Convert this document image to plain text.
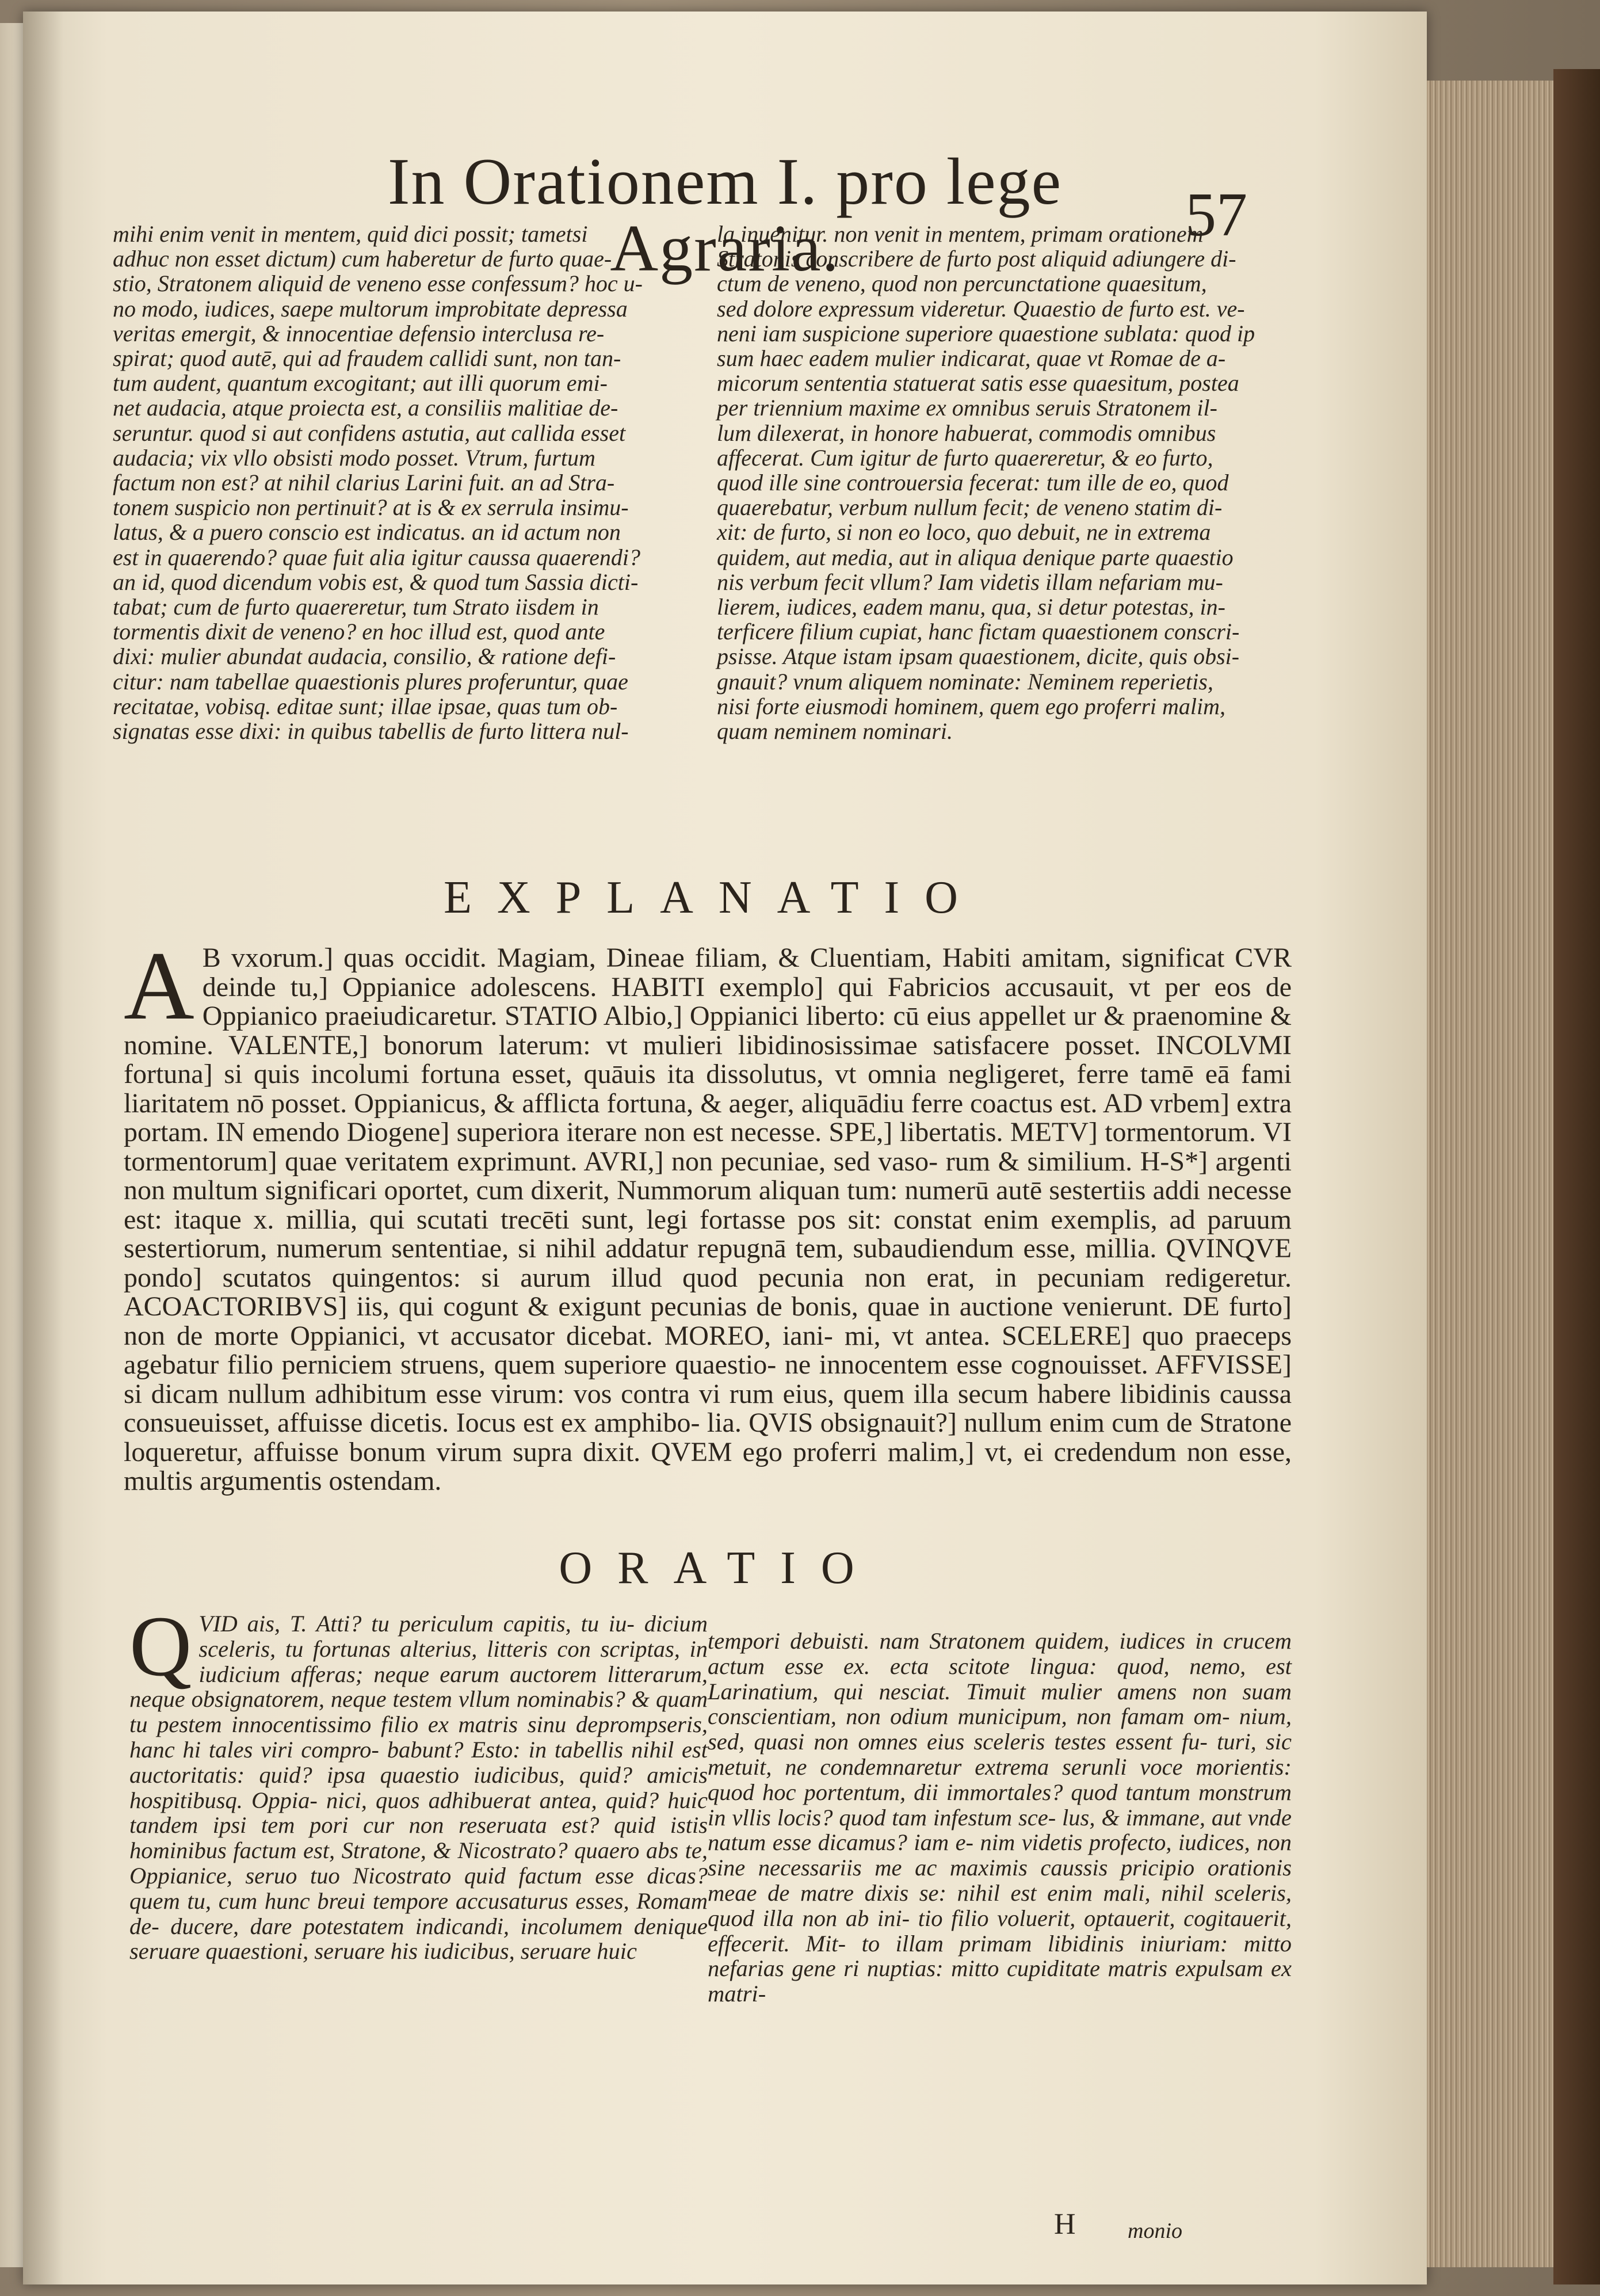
In Orationem I. pro lege Agraria.	57

mihi enim venit in mentem, quid dici possit; tametsi

adhuc non esset dictum) cum haberetur de furto quae-

stio, Stratonem aliquid de veneno esse confessum? hoc u-

no modo, iudices, saepe multorum improbitate depressa

veritas emergit, & innocentiae defensio interclusa re-

spirat; quod autē, qui ad fraudem callidi sunt, non tan-

tum audent, quantum excogitant; aut illi quorum emi-

net audacia, atque proiecta est, a consiliis malitiae de-

seruntur. quod si aut confidens astutia, aut callida esset

audacia; vix vllo obsisti modo posset. Vtrum, furtum

factum non est? at nihil clarius Larini fuit. an ad Stra-

tonem suspicio non pertinuit? at is & ex serrula insimu-

latus, & a puero conscio est indicatus. an id actum non

est in quaerendo? quae fuit alia igitur caussa quaerendi?

an id, quod dicendum vobis est, & quod tum Sassia dicti-

tabat; cum de furto quaereretur, tum Strato iisdem in

tormentis dixit de veneno? en hoc illud est, quod ante

dixi: mulier abundat audacia, consilio, & ratione defi-

citur: nam tabellae quaestionis plures proferuntur, quae

recitatae, vobisq. editae sunt; illae ipsae, quas tum ob-

signatas esse dixi: in quibus tabellis de furto littera nul-

la inuenitur. non venit in mentem, primam orationem

Stratonis conscribere de furto post aliquid adiungere di-

ctum de veneno, quod non percunctatione quaesitum,

sed dolore expressum videretur. Quaestio de furto est. ve-

neni iam suspicione superiore quaestione sublata: quod ip

sum haec eadem mulier indicarat, quae vt Romae de a-

micorum sententia statuerat satis esse quaesitum, postea

per triennium maxime ex omnibus seruis Stratonem il-

lum dilexerat, in honore habuerat, commodis omnibus

affecerat. Cum igitur de furto quaereretur, & eo furto,

quod ille sine controuersia fecerat: tum ille de eo, quod

quaerebatur, verbum nullum fecit; de veneno statim di-

xit: de furto, si non eo loco, quo debuit, ne in extrema

quidem, aut media, aut in aliqua denique parte quaestio

nis verbum fecit vllum? Iam videtis illam nefariam mu-

lierem, iudices, eadem manu, qua, si detur potestas, in-

terficere filium cupiat, hanc fictam quaestionem conscri-

psisse. Atque istam ipsam quaestionem, dicite, quis obsi-

gnauit? vnum aliquem nominate: Neminem reperietis,

nisi forte eiusmodi hominem, quem ego proferri malim,

quam neminem nominari.

EXPLANATIO
A B vxorum.] quas occidit. Magiam, Dineae filiam, & Cluentiam, Habiti amitam, significat CVR deinde tu,] Oppianice adolescens. HABITI exemplo] qui Fabricios accusauit, vt per eos de Oppianico praeiudicaretur. STATIO Albio,] Oppianici liberto: cū eius appellet ur & praenomine & nomine. VALENTE,] bonorum laterum: vt mulieri libidinosissimae satisfacere posset. INCOLVMI fortuna] si quis incolumi fortuna esset, quāuis ita dissolutus, vt omnia negligeret, ferre tamē eā fami liaritatem nō posset. Oppianicus, & afflicta fortuna, & aeger, aliquādiu ferre coactus est. AD vrbem] extra portam. IN emendo Diogene] superiora iterare non est necesse. SPE,] libertatis. METV] tormentorum. VI tormentorum] quae veritatem exprimunt. AVRI,] non pecuniae, sed vaso- rum & similium. H-S*] argenti non multum significari oportet, cum dixerit, Nummorum aliquan tum: numerū autē sestertiis addi necesse est: itaque x. millia, qui scutati trecēti sunt, legi fortasse pos sit: constat enim exemplis, ad paruum sestertiorum, numerum sententiae, si nihil addatur repugnā tem, subaudiendum esse, millia. QVINQVE pondo] scutatos quingentos: si aurum illud quod pecunia non erat, in pecuniam redigeretur. ACOACTORIBVS] iis, qui cogunt & exigunt pecunias de bonis, quae in auctione venierunt. DE furto] non de morte Oppianici, vt accusator dicebat. MOREO, iani- mi, vt antea. SCELERE] quo praeceps agebatur filio perniciem struens, quem superiore quaestio- ne innocentem esse cognouisset. AFFVISSE] si dicam nullum adhibitum esse virum: vos contra vi rum eius, quem illa secum habere libidinis caussa consueuisset, affuisse dicetis. Iocus est ex amphibo- lia. QVIS obsignauit?] nullum enim cum de Stratone loqueretur, affuisse bonum virum supra dixit. QVEM ego proferri malim,] vt, ei credendum non esse, multis argumentis ostendam.
ORATIO
Q VID ais, T. Atti? tu periculum capitis, tu iu- dicium sceleris, tu fortunas alterius, litteris con scriptas, in iudicium afferas; neque earum auctorem litterarum, neque obsignatorem, neque testem vllum nominabis? & quam tu pestem innocentissimo filio ex matris sinu deprompseris, hanc hi tales viri compro- babunt? Esto: in tabellis nihil est auctoritatis: quid? ipsa quaestio iudicibus, quid? amicis hospitibusq. Oppia- nici, quos adhibuerat antea, quid? huic tandem ipsi tem pori cur non reseruata est? quid istis hominibus factum est, Stratone, & Nicostrato? quaero abs te, Oppianice, seruo tuo Nicostrato quid factum esse dicas? quem tu, cum hunc breui tempore accusaturus esses, Romam de- ducere, dare potestatem indicandi, incolumem denique seruare quaestioni, seruare his iudicibus, seruare huic
tempori debuisti. nam Stratonem quidem, iudices in crucem actum esse ex. ecta scitote lingua: quod, nemo, est Larinatium, qui nesciat. Timuit mulier amens non suam conscientiam, non odium municipum, non famam om- nium, sed, quasi non omnes eius sceleris testes essent fu- turi, sic metuit, ne condemnaretur extrema serunli voce morientis: quod hoc portentum, dii immortales? quod tantum monstrum in vllis locis? quod tam infestum sce- lus, & immane, aut vnde natum esse dicamus? iam e- nim videtis profecto, iudices, non sine necessariis me ac maximis caussis pricipio orationis meae de matre dixis se: nihil est enim mali, nihil sceleris, quod illa non ab ini- tio filio voluerit, optauerit, cogitauerit, effecerit. Mit- to illam primam libidinis iniuriam: mitto nefarias gene ri nuptias: mitto cupiditate matris expulsam ex matri-
H monio
